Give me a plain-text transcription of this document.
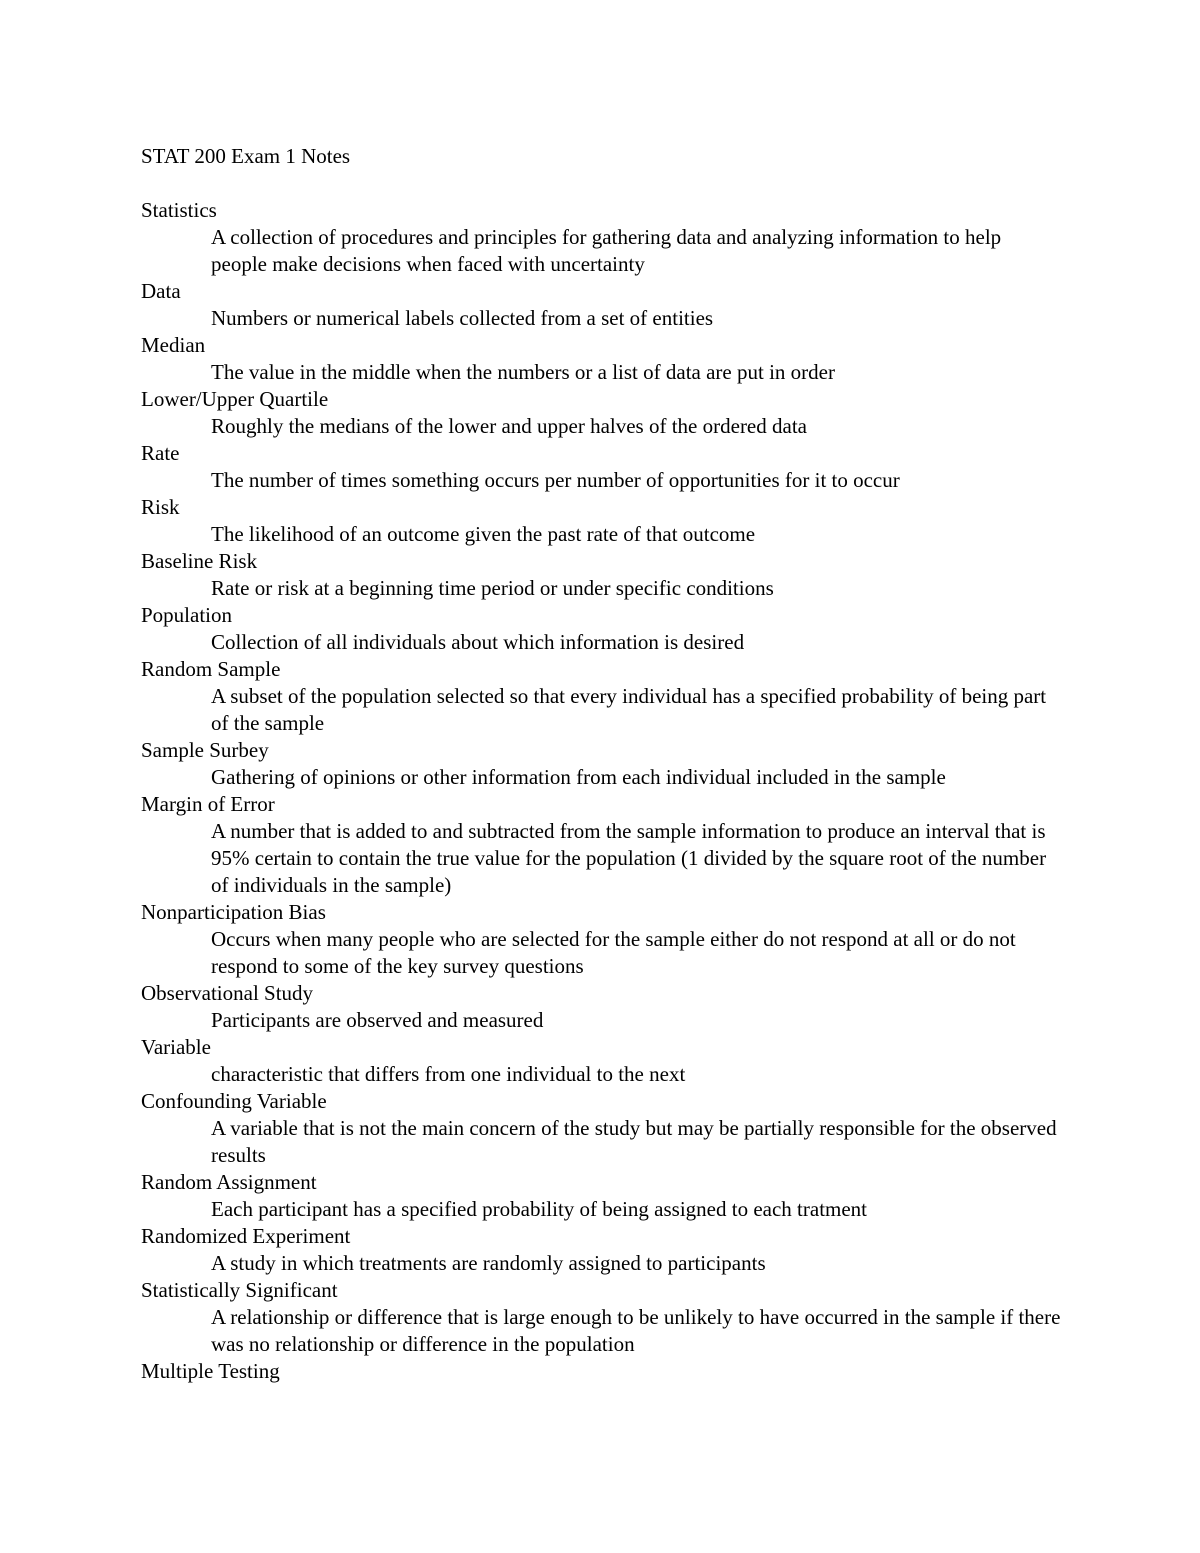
STAT 200 Exam 1 Notes
Statistics
A collection of procedures and principles for gathering data and analyzing information to help people make decisions when faced with uncertainty
Data
Numbers or numerical labels collected from a set of entities
Median
The value in the middle when the numbers or a list of data are put in order
Lower/Upper Quartile
Roughly the medians of the lower and upper halves of the ordered data
Rate
The number of times something occurs per number of opportunities for it to occur
Risk
The likelihood of an outcome given the past rate of that outcome
Baseline Risk
Rate or risk at a beginning time period or under specific conditions
Population
Collection of all individuals about which information is desired
Random Sample
A subset of the population selected so that every individual has a specified probability of being part of the sample
Sample Surbey
Gathering of opinions or other information from each individual included in the sample
Margin of Error
A number that is added to and subtracted from the sample information to produce an interval that is 95% certain to contain the true value for the population (1 divided by the square root of the number of individuals in the sample)
Nonparticipation Bias
Occurs when many people who are selected for the sample either do not respond at all or do not respond to some of the key survey questions
Observational Study
Participants are observed and measured
Variable
characteristic that differs from one individual to the next
Confounding Variable
A variable that is not the main concern of the study but may be partially responsible for the observed results
Random Assignment
Each participant has a specified probability of being assigned to each tratment
Randomized Experiment
A study in which treatments are randomly assigned to participants
Statistically Significant
A relationship or difference that is large enough to be unlikely to have occurred in the sample if there was no relationship or difference in the population
Multiple Testing
